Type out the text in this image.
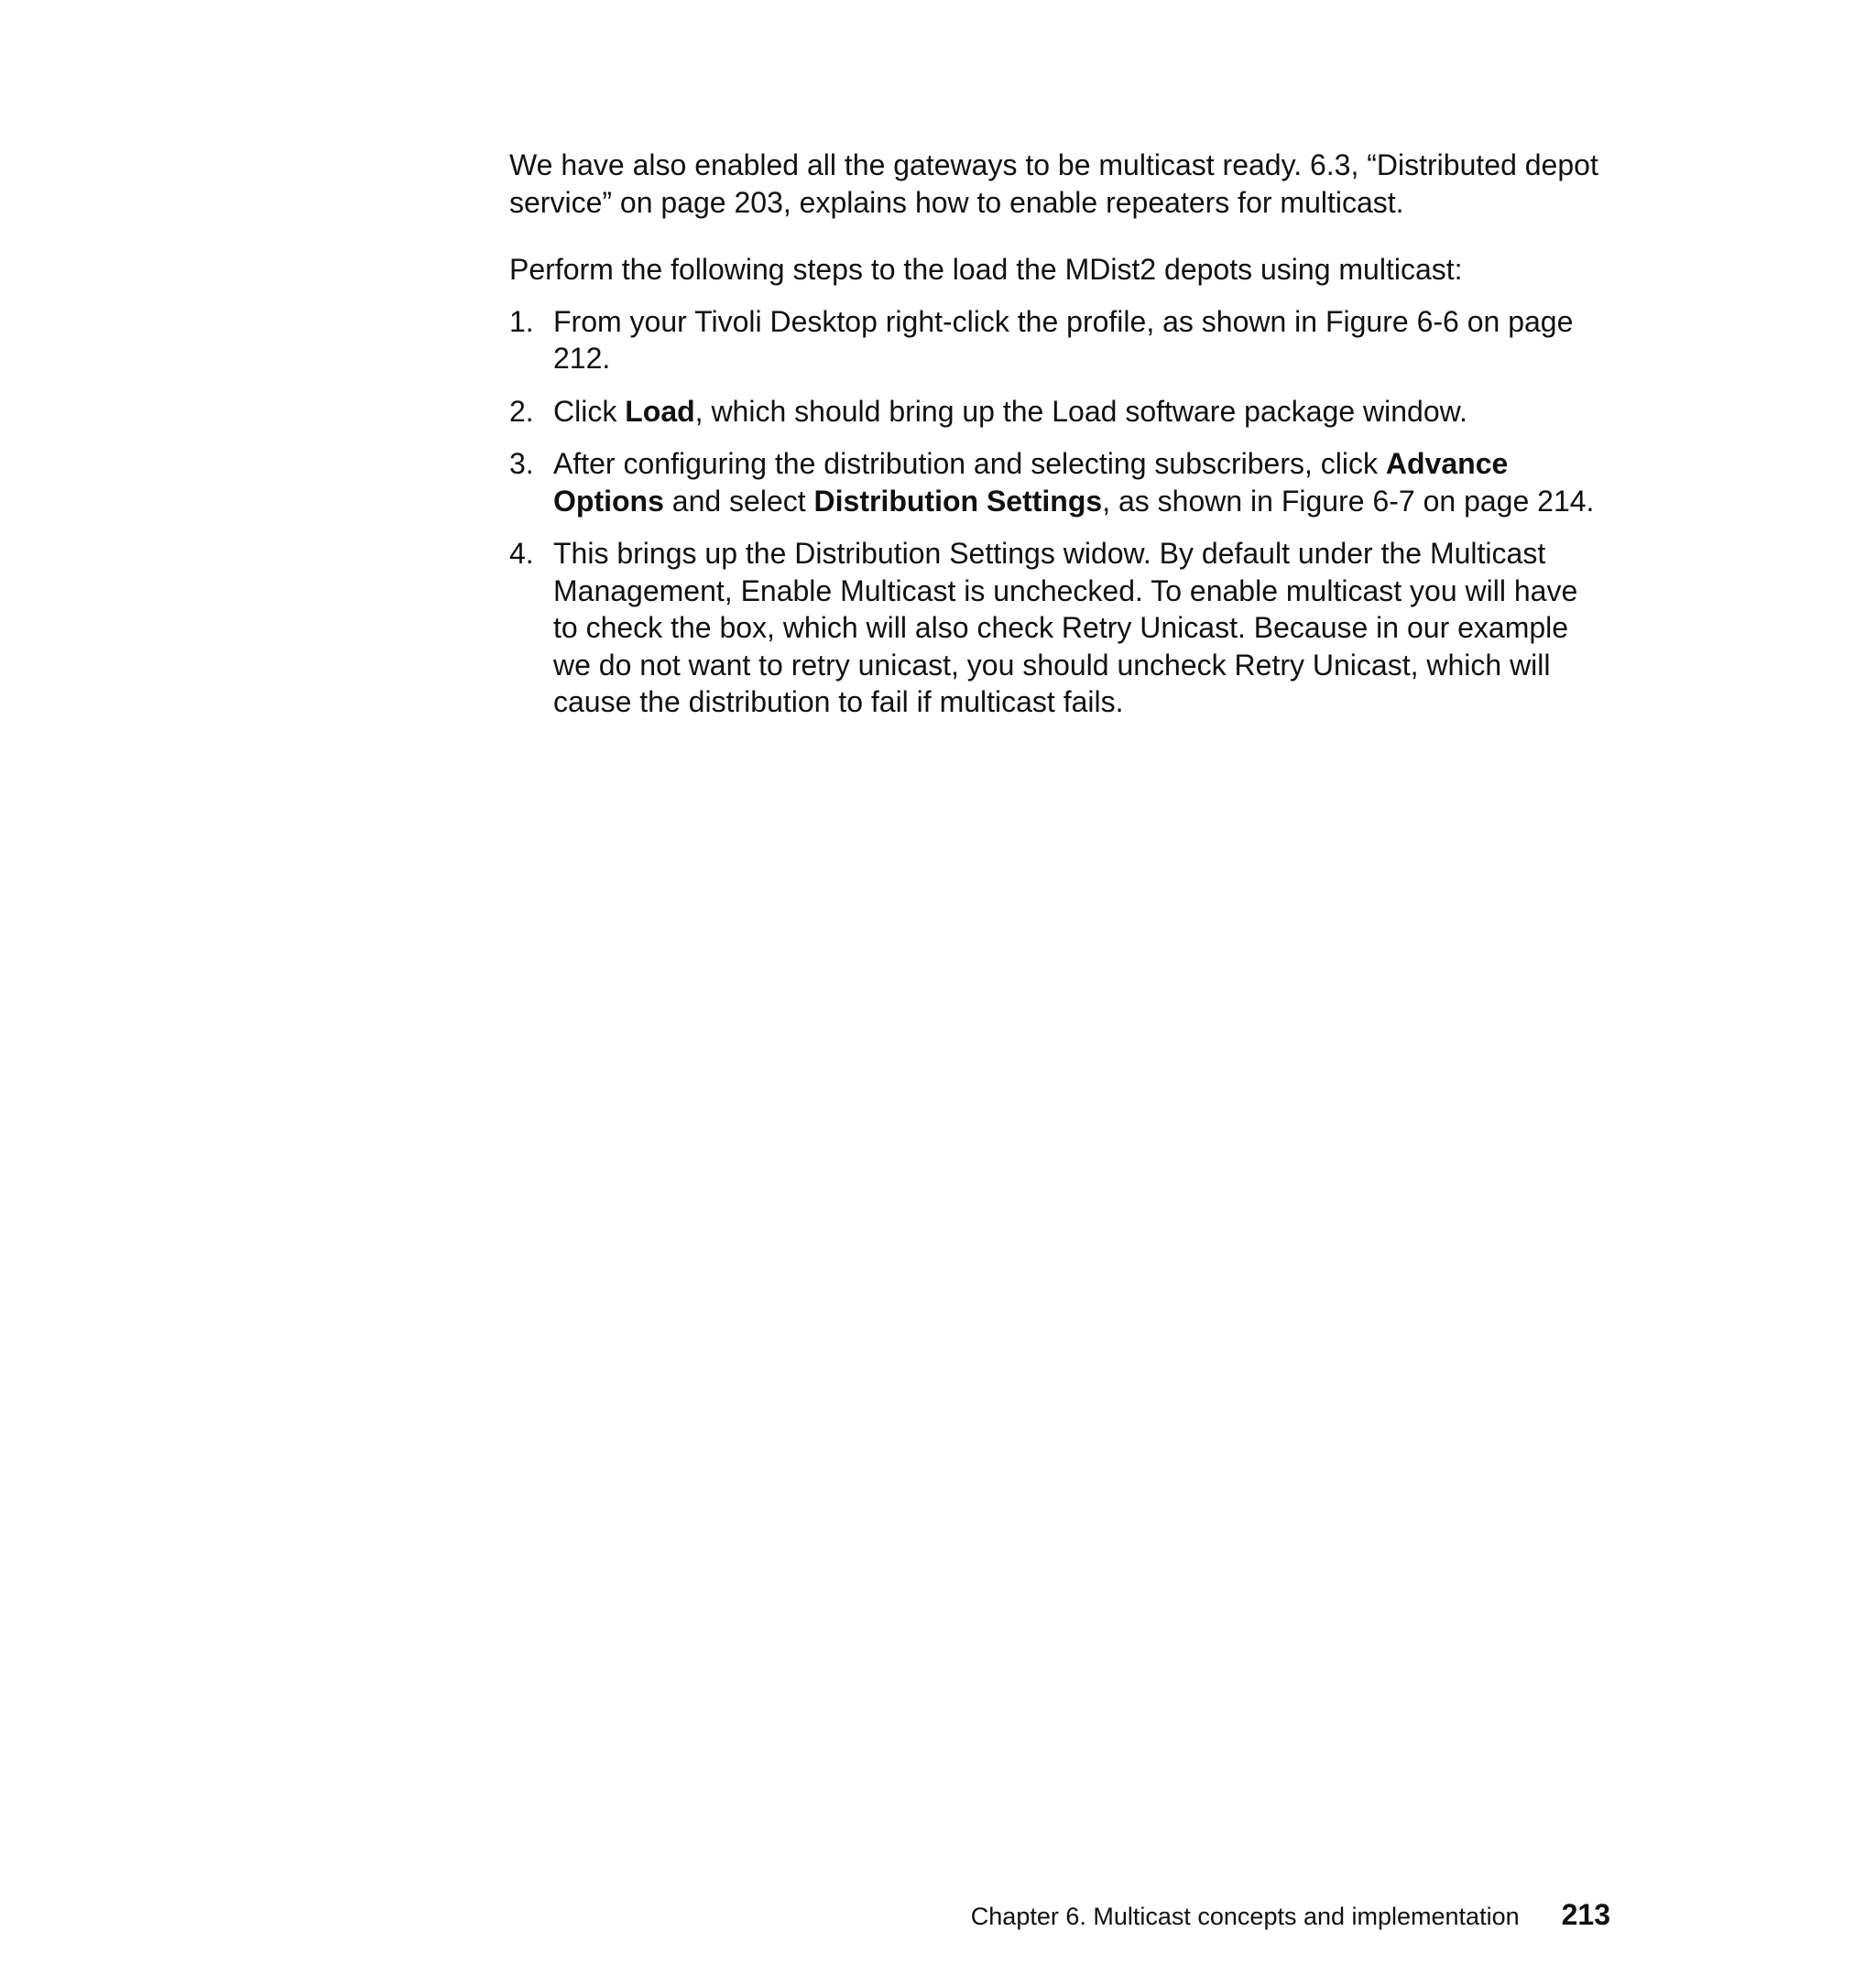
We have also enabled all the gateways to be multicast ready. 6.3, “Distributed depot service” on page 203, explains how to enable repeaters for multicast.

Perform the following steps to the load the MDist2 depots using multicast:

1. From your Tivoli Desktop right-click the profile, as shown in Figure 6-6 on page 212.
2. Click Load, which should bring up the Load software package window.
3. After configuring the distribution and selecting subscribers, click Advance Options and select Distribution Settings, as shown in Figure 6-7 on page 214.
4. This brings up the Distribution Settings widow. By default under the Multicast Management, Enable Multicast is unchecked. To enable multicast you will have to check the box, which will also check Retry Unicast. Because in our example we do not want to retry unicast, you should uncheck Retry Unicast, which will cause the distribution to fail if multicast fails.
Chapter 6. Multicast concepts and implementation 213
